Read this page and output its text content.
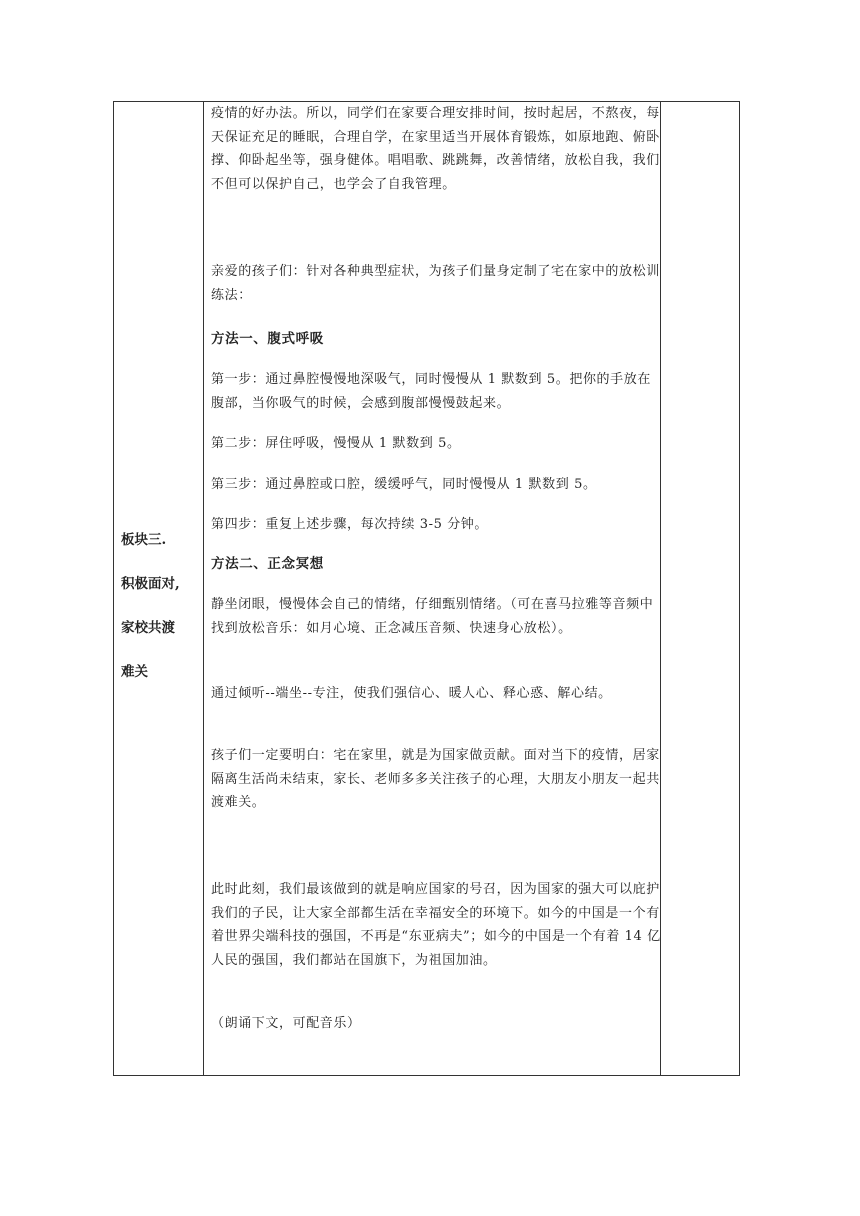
板块三.
积极面对,
家校共渡
难关

疫情的好办法。所以，同学们在家要合理安排时间，按时起居，不熬夜，每天保证充足的睡眠，合理自学，在家里适当开展体育锻炼，如原地跑、俯卧撑、仰卧起坐等，强身健体。唱唱歌、跳跳舞，改善情绪，放松自我，我们不但可以保护自己，也学会了自我管理。

亲爱的孩子们：针对各种典型症状，为孩子们量身定制了宅在家中的放松训练法：

方法一、腹式呼吸

第一步：通过鼻腔慢慢地深吸气，同时慢慢从 1 默数到 5。把你的手放在腹部，当你吸气的时候，会感到腹部慢慢鼓起来。

第二步：屏住呼吸，慢慢从 1 默数到 5。

第三步：通过鼻腔或口腔，缓缓呼气，同时慢慢从 1 默数到 5。

第四步：重复上述步骤，每次持续 3-5 分钟。

方法二、正念冥想

静坐闭眼，慢慢体会自己的情绪，仔细甄别情绪。（可在喜马拉雅等音频中找到放松音乐：如月心境、正念减压音频、快速身心放松）。

通过倾听--端坐--专注，使我们强信心、暖人心、释心惑、解心结。

孩子们一定要明白：宅在家里，就是为国家做贡献。面对当下的疫情，居家隔离生活尚未结束，家长、老师多多关注孩子的心理，大朋友小朋友一起共渡难关。

此时此刻，我们最该做到的就是响应国家的号召，因为国家的强大可以庇护我们的子民，让大家全部都生活在幸福安全的环境下。如今的中国是一个有着世界尖端科技的强国，不再是“东亚病夫”；如今的中国是一个有着 14 亿人民的强国，我们都站在国旗下，为祖国加油。

（朗诵下文，可配音乐）
